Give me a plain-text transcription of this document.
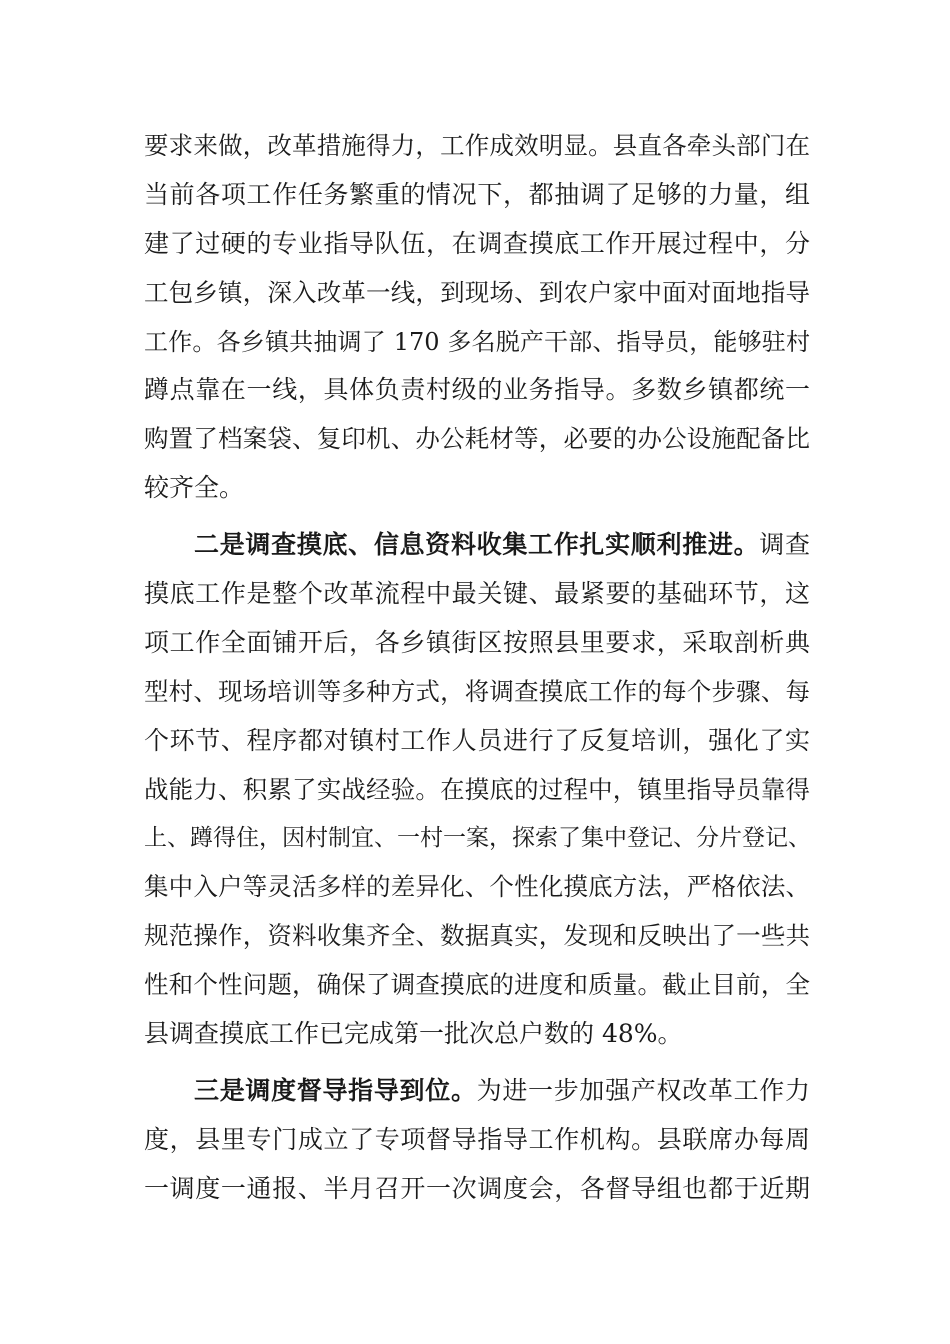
要求来做，改革措施得力，工作成效明显。县直各牵头部门在
当前各项工作任务繁重的情况下，都抽调了足够的力量，组
建了过硬的专业指导队伍，在调查摸底工作开展过程中，分
工包乡镇，深入改革一线，到现场、到农户家中面对面地指导
工作。各乡镇共抽调了 170 多名脱产干部、指导员，能够驻村
蹲点靠在一线，具体负责村级的业务指导。多数乡镇都统一
购置了档案袋、复印机、办公耗材等，必要的办公设施配备比
较齐全。
二是调查摸底、信息资料收集工作扎实顺利推进。调查
摸底工作是整个改革流程中最关键、最紧要的基础环节，这
项工作全面铺开后，各乡镇街区按照县里要求，采取剖析典
型村、现场培训等多种方式，将调查摸底工作的每个步骤、每
个环节、程序都对镇村工作人员进行了反复培训，强化了实
战能力、积累了实战经验。在摸底的过程中，镇里指导员靠得
上、蹲得住，因村制宜、一村一案，探索了集中登记、分片登记、
集中入户等灵活多样的差异化、个性化摸底方法，严格依法、
规范操作，资料收集齐全、数据真实，发现和反映出了一些共
性和个性问题，确保了调查摸底的进度和质量。截止目前，全
县调查摸底工作已完成第一批次总户数的 48%。
三是调度督导指导到位。为进一步加强产权改革工作力
度，县里专门成立了专项督导指导工作机构。县联席办每周
一调度一通报、半月召开一次调度会，各督导组也都于近期
